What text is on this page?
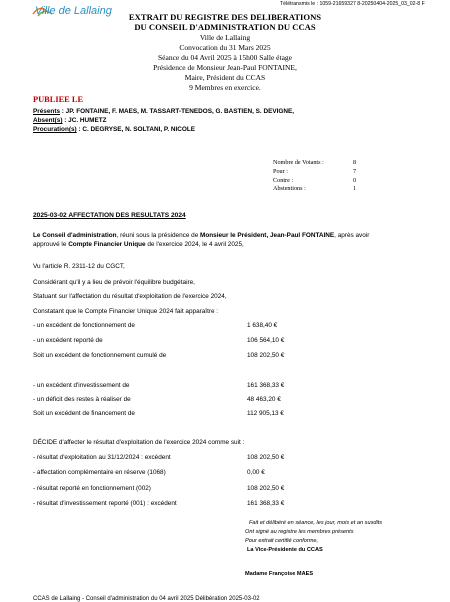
Ville de Lallaing
Télétransmis le : 1059-21659327 8-20250404-2025_03_02-8 F
EXTRAIT DU REGISTRE DES DELIBERATIONS
DU CONSEIL D'ADMINISTRATION DU CCAS
Ville de Lallaing
Convocation du 31 Mars 2025
Séance du 04 Avril 2025 à 15h00 Salle étage
Présidence de Monsieur Jean-Paul FONTAINE,
Maire, Président du CCAS
9 Membres en exercice.
PUBLIEE LE
Présents : JP. FONTAINE, F. MAES, M. TASSART-TENEDOS, G. BASTIEN, S. DEVIGNE,
Absent(s) : JC. HUMETZ
Procuration(s) : C. DEGRYSE, N. SOLTANI, P. NICOLE
Nombre de Votants :	8
Pour :	7
Contre :	0
Abstentions :	1
2025-03-02 AFFECTATION DES RESULTATS 2024
Le Conseil d'administration, réuni sous la présidence de Monsieur le Président, Jean-Paul FONTAINE, après avoir
approuvé le Compte Financier Unique de l'exercice 2024, le 4 avril 2025,
Vu l'article R. 2311-12 du CGCT,
Considérant qu'il y a lieu de prévoir l'équilibre budgétaire,
Statuant sur l'affectation du résultat d'exploitation de l'exercice 2024,
Constatant que le Compte Financier Unique 2024 fait apparaître :
- un excédent de fonctionnement de	1 638,40 €
- un excédent reporté de	106 564,10 €
Soit un excédent de fonctionnement cumulé de	108 202,50 €
- un excédent d'investissement de	161 368,33 €
- un déficit des restes à réaliser de	48 463,20 €
Soit un excédent de financement de	112 905,13 €
DÉCIDE d'affecter le résultat d'exploitation de l'exercice 2024 comme suit :
- résultat d'exploitation au 31/12/2024 : excédent	108 202,50 €
- affectation complémentaire en réserve (1068)	0,00 €
- résultat reporté en fonctionnement (002)	108 202,50 €
- résultat d'investissement reporté (001) : excédent	161 368,33 €
Fait et délibéré en séance, les jour, mois et an susdits
Ont signé au registre les membres présents
Pour extrait certifié conforme,
La Vice-Présidente du CCAS
Madame Françoise MAES
CCAS de Lallaing - Conseil d'administration du 04 avril 2025 Délibération 2025-03-02
